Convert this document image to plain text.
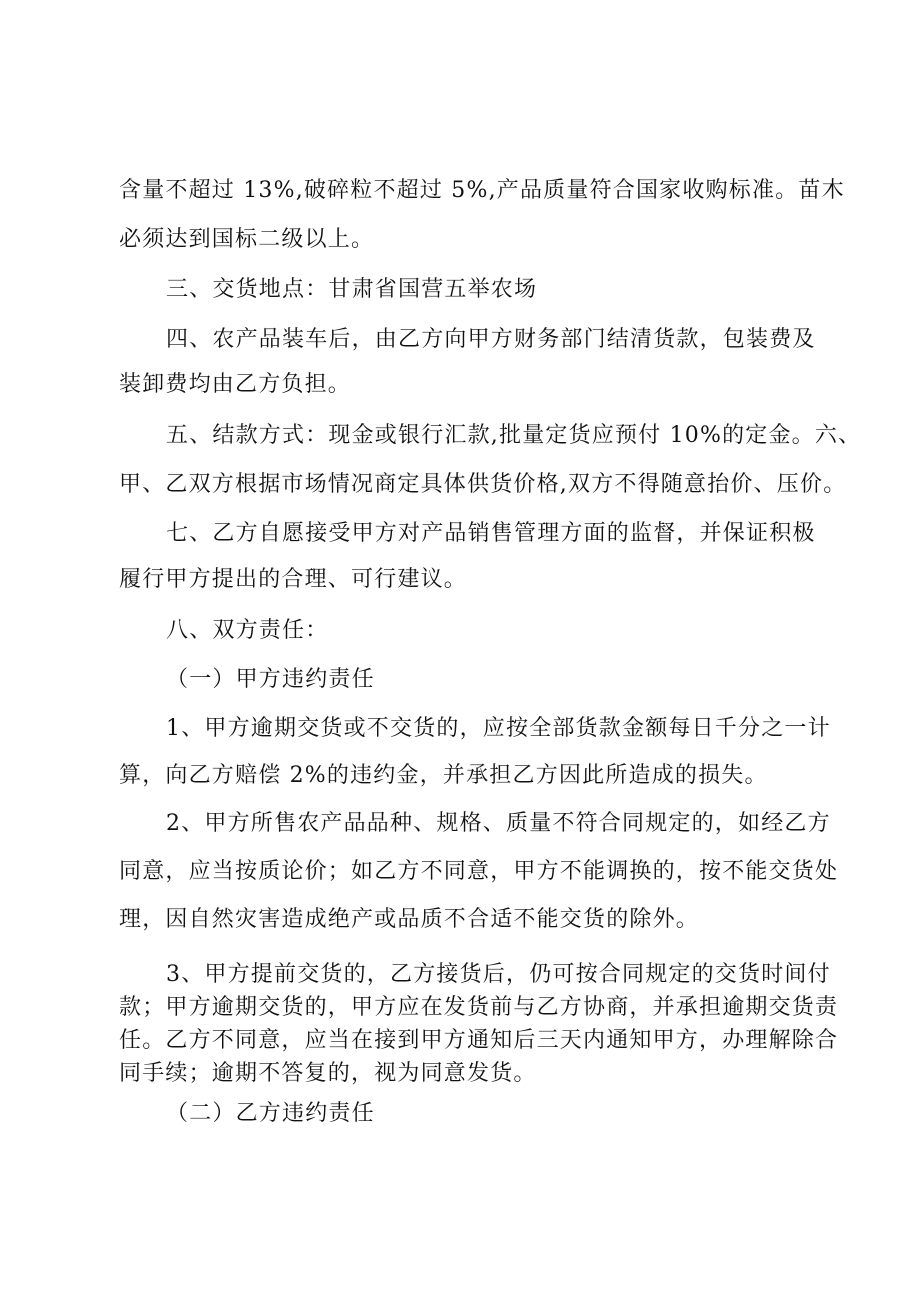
含量不超过 13%,破碎粒不超过 5%,产品质量符合国家收购标准。苗木
必须达到国标二级以上。
三、交货地点：甘肃省国营五举农场
四、农产品装车后，由乙方向甲方财务部门结清货款，包装费及
装卸费均由乙方负担。
五、结款方式：现金或银行汇款,批量定货应预付 10%的定金。六、
甲、乙双方根据市场情况商定具体供货价格,双方不得随意抬价、压价。
七、乙方自愿接受甲方对产品销售管理方面的监督，并保证积极
履行甲方提出的合理、可行建议。
八、双方责任：
（一）甲方违约责任
1、甲方逾期交货或不交货的，应按全部货款金额每日千分之一计
算，向乙方赔偿 2%的违约金，并承担乙方因此所造成的损失。
2、甲方所售农产品品种、规格、质量不符合同规定的，如经乙方
同意，应当按质论价；如乙方不同意，甲方不能调换的，按不能交货处
理，因自然灾害造成绝产或品质不合适不能交货的除外。
3、甲方提前交货的，乙方接货后，仍可按合同规定的交货时间付
款；甲方逾期交货的，甲方应在发货前与乙方协商，并承担逾期交货责
任。乙方不同意，应当在接到甲方通知后三天内通知甲方，办理解除合
同手续；逾期不答复的，视为同意发货。
（二）乙方违约责任
